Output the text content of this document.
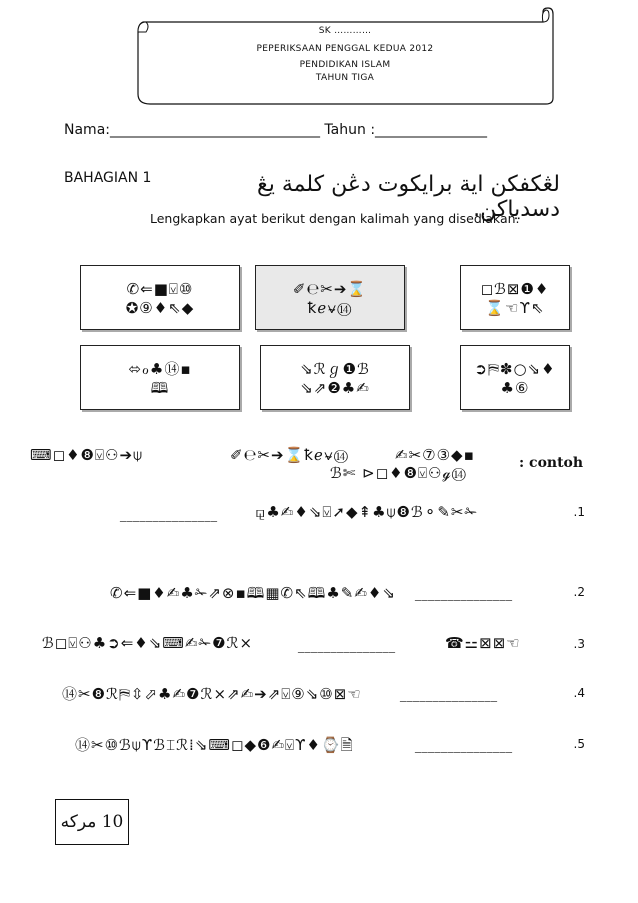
SK …………
PEPERIKSAAN PENGGAL KEDUA 2012
PENDIDIKAN ISLAM
TAHUN TIGA
Nama:______________________________ Tahun :________________
BAHAGIAN 1	لڠكفكن اية برايكوت دڠن كلمة يڠ دسدياكن.
Lengkapkan ayat berikut dengan kalimah yang disediakan.
✆⇐■⍌⑩
✪⑨♦⇖◆
✐℮✂➔⌛
ꝁℯ⍱⑭
◻ℬ⊠❶♦
⌛☜ϒ⇖
⬄ℴ♣⑭▪
🕮
⇘ℛℊ❶ℬ
⇘⇗❷♣✍
➲⛿✽○⇘♦
♣⑥
: contoh
✍✂⑦③◆▪
ℬ✄ ⊳◻♦❽⍌⚇ℊ⑭
✐℮✂➔⌛ꝁℯ⍱⑭
⌨◻♦❽⍌⚇➔⍦
.1
⚼♣✍♦⇘⍌➚◆⇞♣⍦❽ℬ⚬✎✂✁
_______________
.2
_______________
✆⇐■♦✍♣✁⇗⊗▪🕮▦✆⇖🕮♣✎✍♦⇘
.3
☎⚍⊠⊠☜
_______________
ℬ◻⍌⚇♣➲⇐♦⇘⌨✍✁❼ℛ×
.4
_______________
⑭✂❽ℛ⛿⇳⬀♣✍❼ℛ×⇗✍➔⇗⍌⑨⇘⑩⊠☜
.5
_______________
⑭✂⑩ℬ⍦ϒℬ⌶ℛ⁞⇘⌨◻◆❻✍⍌ϒ♦⌚🗎
10 مركه
